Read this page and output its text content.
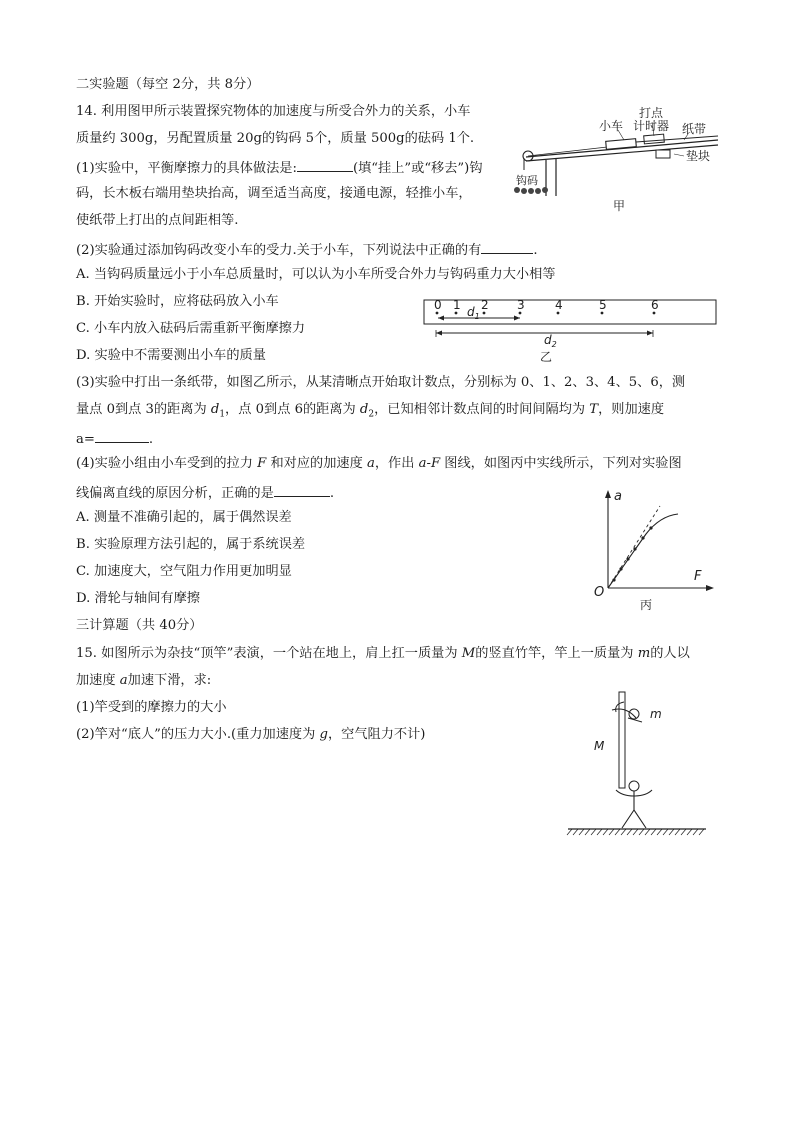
二实验题（每空 2分，共 8分）
14. 利用图甲所示装置探究物体的加速度与所受合外力的关系，小车
质量约 300g，另配置质量 20g的钩码 5个，质量 500g的砝码 1个.
(1)实验中，平衡摩擦力的具体做法是:	(填“挂上”或“移去”)钩
码，长木板右端用垫块抬高，调至适当高度，接通电源，轻推小车，
使纸带上打出的点间距相等.
(2)实验通过添加钩码改变小车的受力.关于小车，下列说法中正确的有	.
A. 当钩码质量远小于小车总质量时，可以认为小车所受合外力与钩码重力大小相等
B. 开始实验时，应将砝码放入小车
C. 小车内放入砝码后需重新平衡摩擦力
D. 实验中不需要测出小车的质量
(3)实验中打出一条纸带，如图乙所示，从某清晰点开始取计数点，分别标为 0、1、2、3、4、5、6，测
量点 0到点 3的距离为 $d_1$，点 0到点 6的距离为 $d_2$，已知相邻计数点间的时间间隔均为 T，则加速度
a=	.
(4)实验小组由小车受到的拉力 F 和对应的加速度 a，作出 a-F 图线，如图丙中实线所示，下列对实验图
线偏离直线的原因分析，正确的是	.
A. 测量不准确引起的，属于偶然误差
B. 实验原理方法引起的，属于系统误差
C. 加速度大，空气阻力作用更加明显
D. 滑轮与轴间有摩擦
三计算题（共 40分）
15. 如图所示为杂技“顶竿”表演，一个站在地上，肩上扛一质量为 M的竖直竹竿，竿上一质量为 m的人以
加速度 a加速下滑，求:
(1)竿受到的摩擦力的大小
(2)竿对“底人”的压力大小.(重力加速度为 g，空气阻力不计)
打点
计时器
小车	纸带
垫块
钩码
甲
0 1 2 3	4	5	6
$d_1$
$d_2$
乙
a
F
O
丙
m
M
